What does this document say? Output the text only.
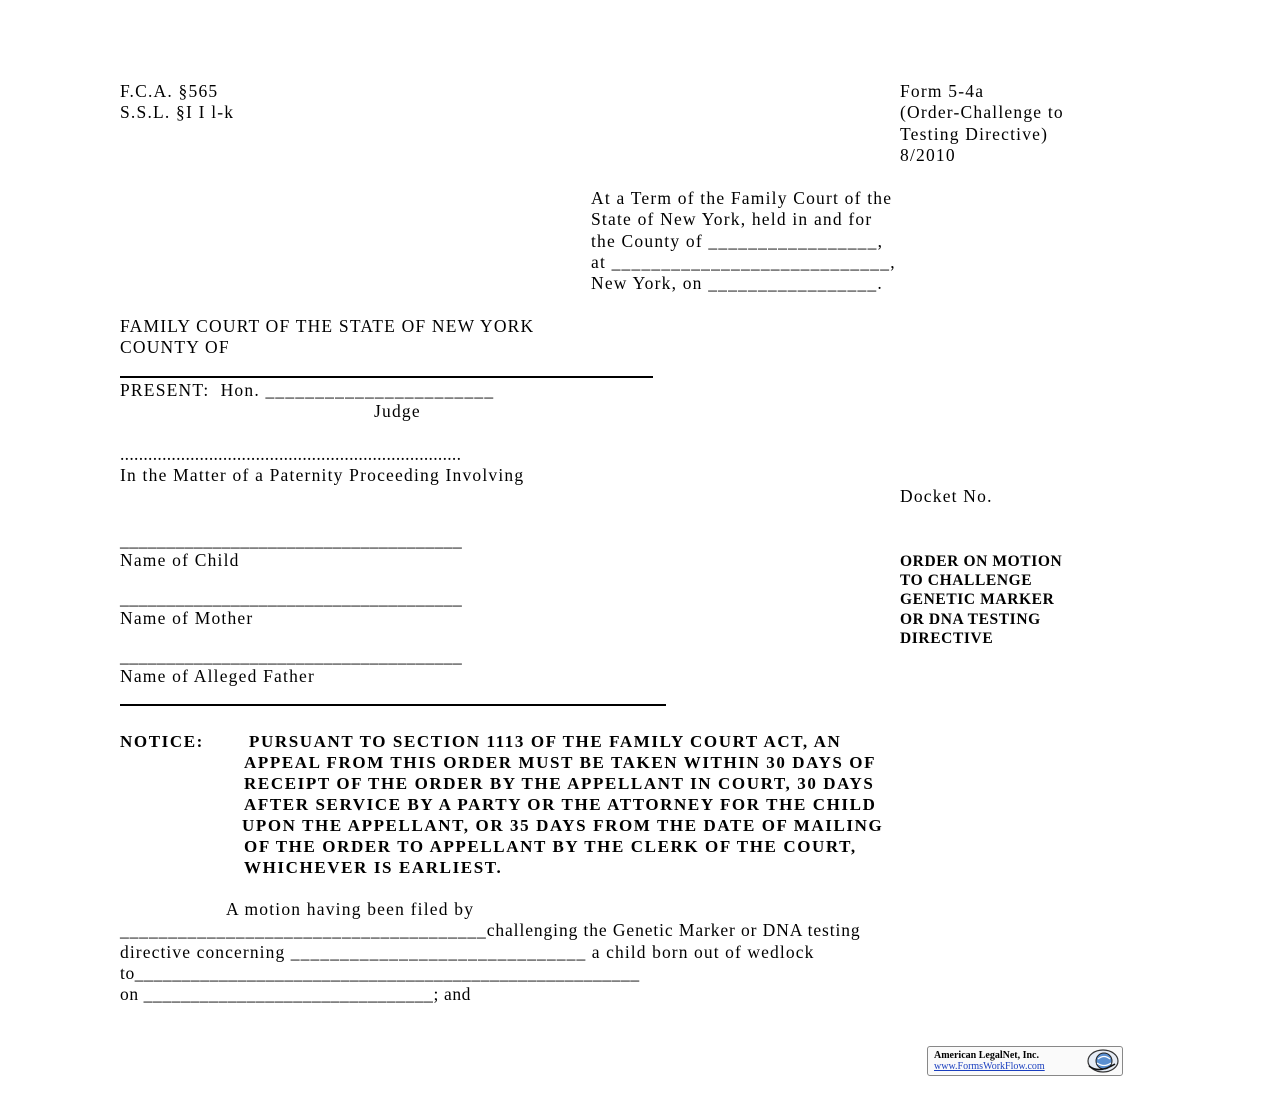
F.C.A. §565
S.S.L. §I I l-k
Form 5-4a
(Order-Challenge to
Testing Directive)
8/2010
At a Term of the Family Court of the
State of New York, held in and for
the County of _________________,
at ____________________________,
New York, on _________________.
FAMILY COURT OF THE STATE OF NEW YORK
COUNTY OF
PRESENT:  Hon. _______________________
Judge
.........................................................................
In the Matter of a Paternity Proceeding Involving
Docket No.
_____________________________________
Name of Child
_____________________________________
Name of Mother
_____________________________________
Name of Alleged Father
ORDER ON MOTION
TO CHALLENGE
GENETIC MARKER
OR DNA TESTING
DIRECTIVE
NOTICE:	PURSUANT TO SECTION 1113 OF THE FAMILY COURT ACT, AN
APPEAL FROM THIS ORDER MUST BE TAKEN WITHIN 30 DAYS OF
RECEIPT OF THE ORDER BY THE APPELLANT IN COURT, 30 DAYS
AFTER SERVICE BY A PARTY OR THE ATTORNEY FOR THE CHILD
UPON THE APPELLANT, OR 35 DAYS FROM THE DATE OF MAILING
OF THE ORDER TO APPELLANT BY THE CLERK OF THE COURT,
WHICHEVER IS EARLIEST.
A motion having been filed by
______________________________________challenging the Genetic Marker or DNA testing
directive concerning ______________________________ a child born out of wedlock
to______________________________________________________
on _______________________________; and
American LegalNet, Inc.
www.FormsWorkFlow.com
